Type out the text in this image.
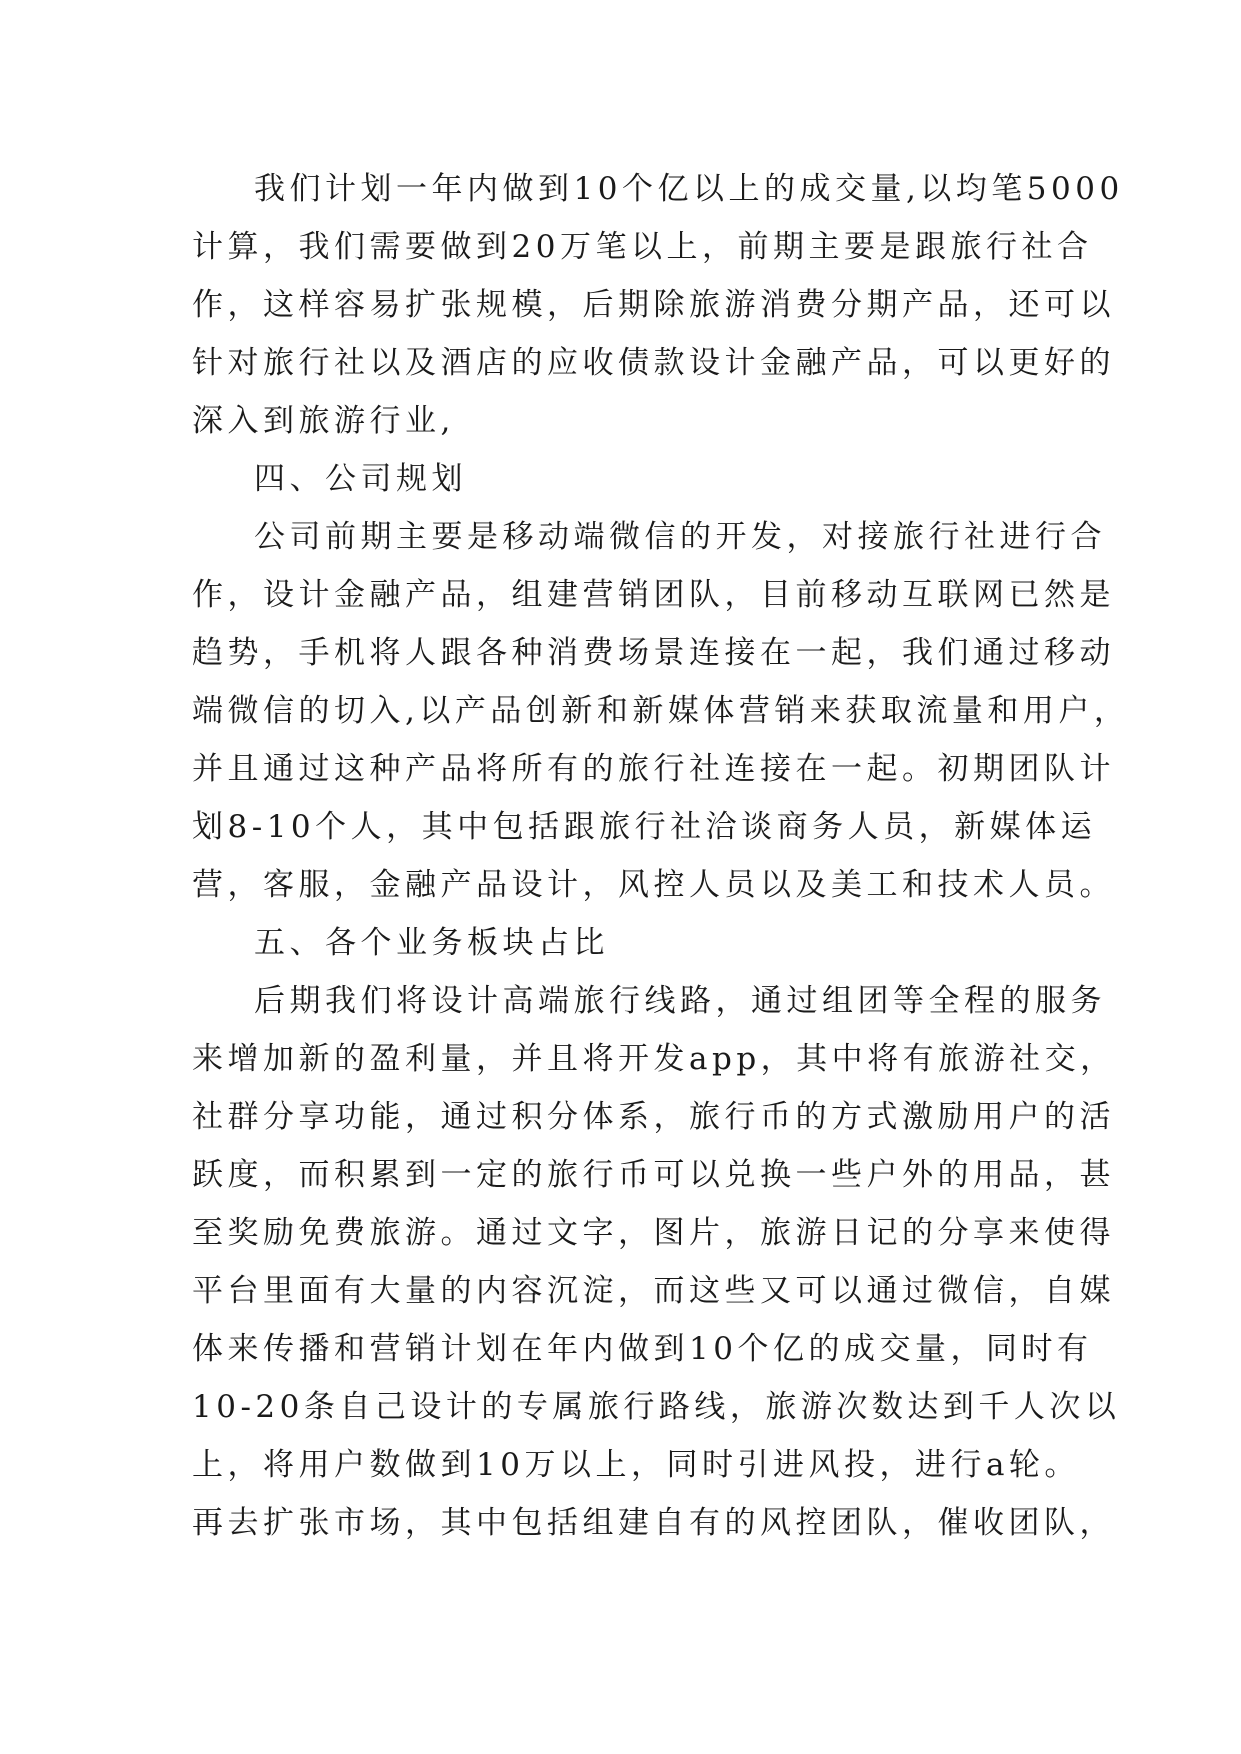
我们计划一年内做到10个亿以上的成交量,以均笔5000
计算，我们需要做到20万笔以上，前期主要是跟旅行社合
作，这样容易扩张规模，后期除旅游消费分期产品，还可以
针对旅行社以及酒店的应收债款设计金融产品，可以更好的
深入到旅游行业,
四、公司规划
公司前期主要是移动端微信的开发，对接旅行社进行合
作，设计金融产品，组建营销团队，目前移动互联网已然是
趋势，手机将人跟各种消费场景连接在一起，我们通过移动
端微信的切入,以产品创新和新媒体营销来获取流量和用户，
并且通过这种产品将所有的旅行社连接在一起。初期团队计
划8-10个人，其中包括跟旅行社洽谈商务人员，新媒体运
营，客服，金融产品设计，风控人员以及美工和技术人员。
五、各个业务板块占比
后期我们将设计高端旅行线路，通过组团等全程的服务
来增加新的盈利量，并且将开发app，其中将有旅游社交，
社群分享功能，通过积分体系，旅行币的方式激励用户的活
跃度，而积累到一定的旅行币可以兑换一些户外的用品，甚
至奖励免费旅游。通过文字，图片，旅游日记的分享来使得
平台里面有大量的内容沉淀，而这些又可以通过微信，自媒
体来传播和营销计划在年内做到10个亿的成交量，同时有
10-20条自己设计的专属旅行路线，旅游次数达到千人次以
上，将用户数做到10万以上，同时引进风投，进行a轮。
再去扩张市场，其中包括组建自有的风控团队，催收团队，
